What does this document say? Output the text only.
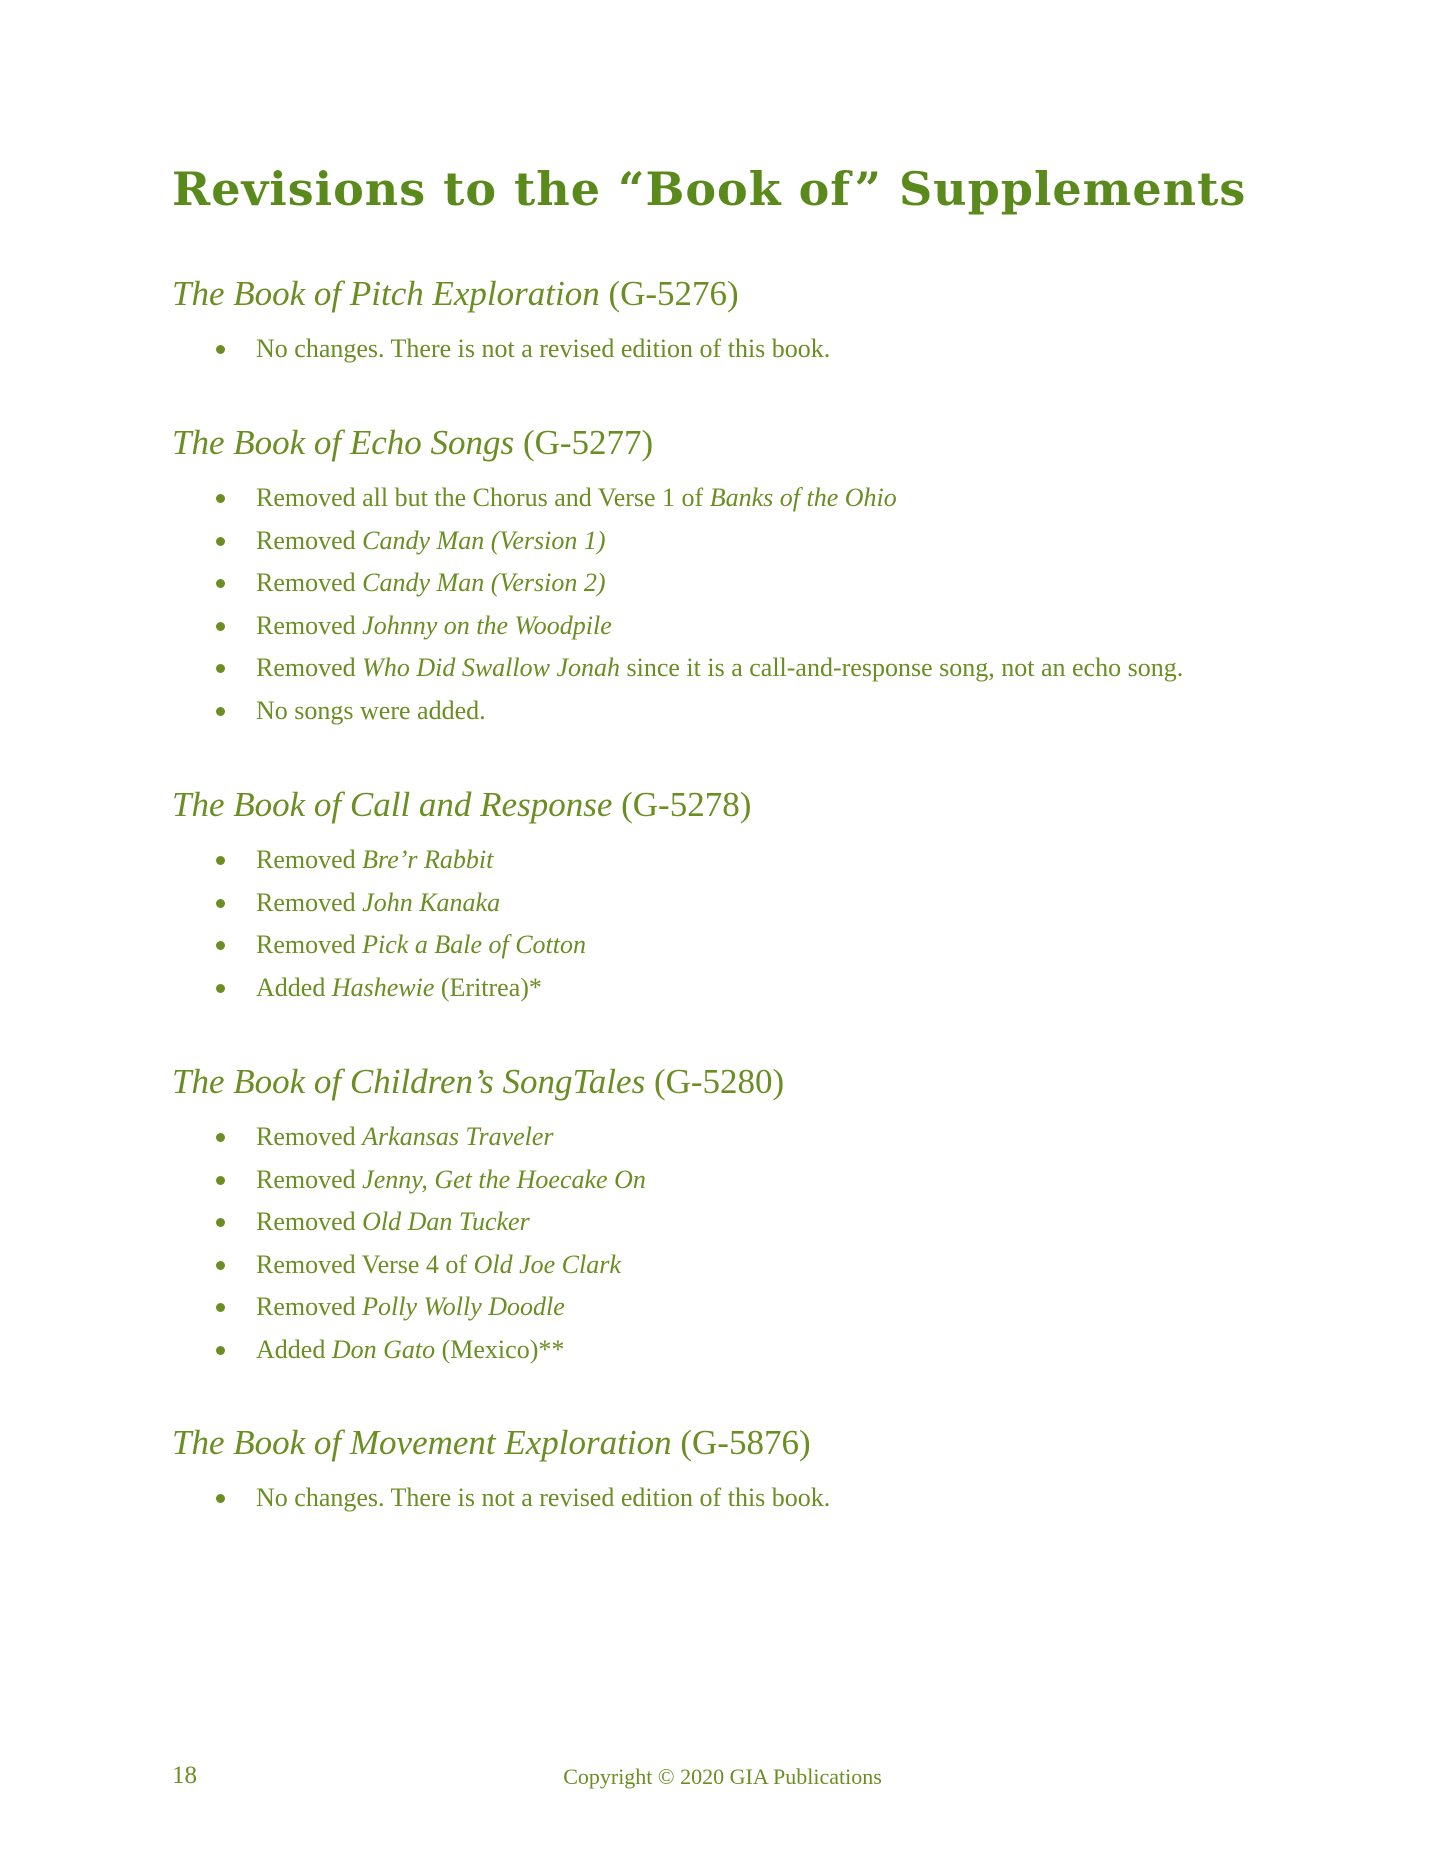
Revisions to the “Book of” Supplements
The Book of Pitch Exploration (G-5276)
No changes. There is not a revised edition of this book.
The Book of Echo Songs (G-5277)
Removed all but the Chorus and Verse 1 of Banks of the Ohio
Removed Candy Man (Version 1)
Removed Candy Man (Version 2)
Removed Johnny on the Woodpile
Removed Who Did Swallow Jonah since it is a call-and-response song, not an echo song.
No songs were added.
The Book of Call and Response (G-5278)
Removed Bre’r Rabbit
Removed John Kanaka
Removed Pick a Bale of Cotton
Added Hashewie (Eritrea)*
The Book of Children’s SongTales (G-5280)
Removed Arkansas Traveler
Removed Jenny, Get the Hoecake On
Removed Old Dan Tucker
Removed Verse 4 of Old Joe Clark
Removed Polly Wolly Doodle
Added Don Gato (Mexico)**
The Book of Movement Exploration (G-5876)
No changes. There is not a revised edition of this book.
18	Copyright © 2020 GIA Publications
